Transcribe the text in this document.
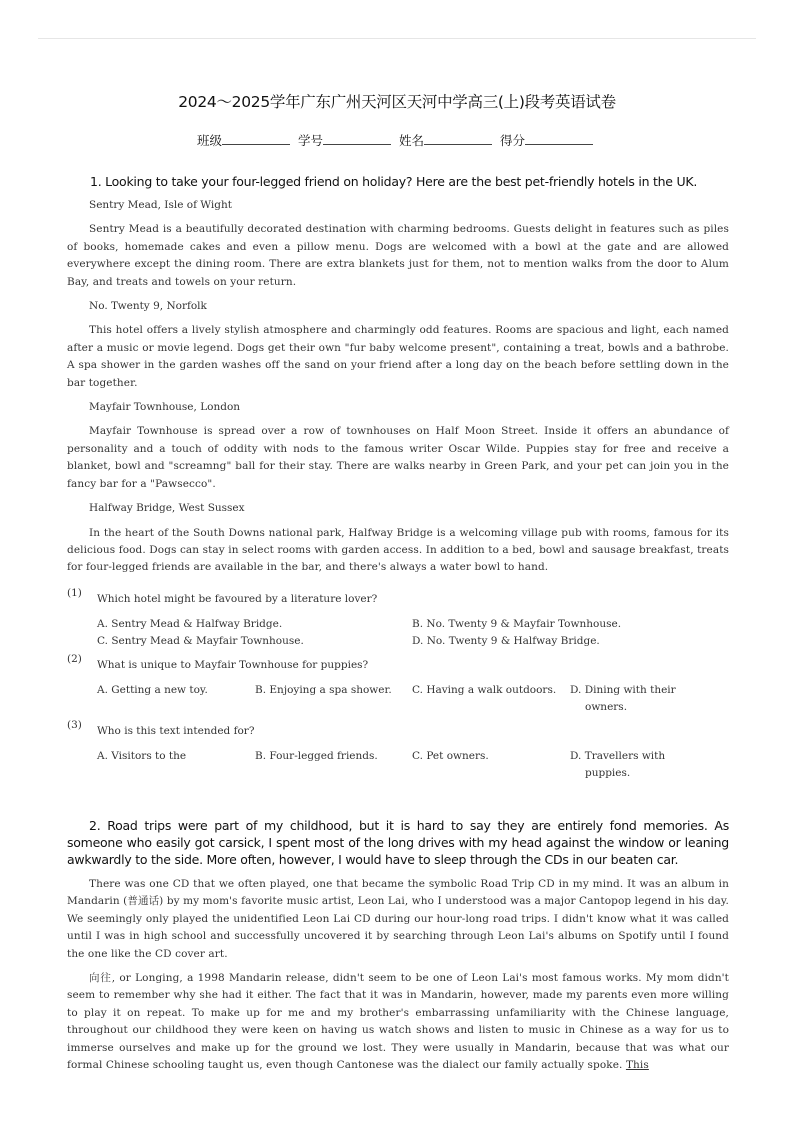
2024～2025学年广东广州天河区天河中学高三(上)段考英语试卷
班级	学号	姓名	得分
1. Looking to take your four-legged friend on holiday? Here are the best pet-friendly hotels in the UK.
Sentry Mead, Isle of Wight
Sentry Mead is a beautifully decorated destination with charming bedrooms. Guests delight in features such as piles of books, homemade cakes and even a pillow menu. Dogs are welcomed with a bowl at the gate and are allowed everywhere except the dining room. There are extra blankets just for them, not to mention walks from the door to Alum Bay, and treats and towels on your return.
No. Twenty 9, Norfolk
This hotel offers a lively stylish atmosphere and charmingly odd features. Rooms are spacious and light, each named after a music or movie legend. Dogs get their own "fur baby welcome present", containing a treat, bowls and a bathrobe. A spa shower in the garden washes off the sand on your friend after a long day on the beach before settling down in the bar together.
Mayfair Townhouse, London
Mayfair Townhouse is spread over a row of townhouses on Half Moon Street. Inside it offers an abundance of personality and a touch of oddity with nods to the famous writer Oscar Wilde. Puppies stay for free and receive a blanket, bowl and "screamng" ball for their stay. There are walks nearby in Green Park, and your pet can join you in the fancy bar for a "Pawsecco".
Halfway Bridge, West Sussex
In the heart of the South Downs national park, Halfway Bridge is a welcoming village pub with rooms, famous for its delicious food. Dogs can stay in select rooms with garden access. In addition to a bed, bowl and sausage breakfast, treats for four-legged friends are available in the bar, and there's always a water bowl to hand.
(1) Which hotel might be favoured by a literature lover?
A. Sentry Mead & Halfway Bridge.	B. No. Twenty 9 & Mayfair Townhouse.
C. Sentry Mead & Mayfair Townhouse.	D. No. Twenty 9 & Halfway Bridge.
(2) What is unique to Mayfair Townhouse for puppies?
A. Getting a new toy.	B. Enjoying a spa shower. C. Having a walk outdoors. D. Dining with their
owners.
(3) Who is this text intended for?
A. Visitors to the	B. Four-legged friends.	C. Pet owners.	D. Travellers with
puppies.
2. Road trips were part of my childhood, but it is hard to say they are entirely fond memories. As someone who easily got carsick, I spent most of the long drives with my head against the window or leaning awkwardly to the side. More often, however, I would have to sleep through the CDs in our beaten car.
There was one CD that we often played, one that became the symbolic Road Trip CD in my mind. It was an album in Mandarin (普通话) by my mom's favorite music artist, Leon Lai, who I understood was a major Cantopop legend in his day. We seemingly only played the unidentified Leon Lai CD during our hour-long road trips. I didn't know what it was called until I was in high school and successfully uncovered it by searching through Leon Lai's albums on Spotify until I found the one like the CD cover art.
向往, or Longing, a 1998 Mandarin release, didn't seem to be one of Leon Lai's most famous works. My mom didn't seem to remember why she had it either. The fact that it was in Mandarin, however, made my parents even more willing to play it on repeat. To make up for me and my brother's embarrassing unfamiliarity with the Chinese language, throughout our childhood they were keen on having us watch shows and listen to music in Chinese as a way for us to immerse ourselves and make up for the ground we lost. They were usually in Mandarin, because that was what our formal Chinese schooling taught us, even though Cantonese was the dialect our family actually spoke. This
